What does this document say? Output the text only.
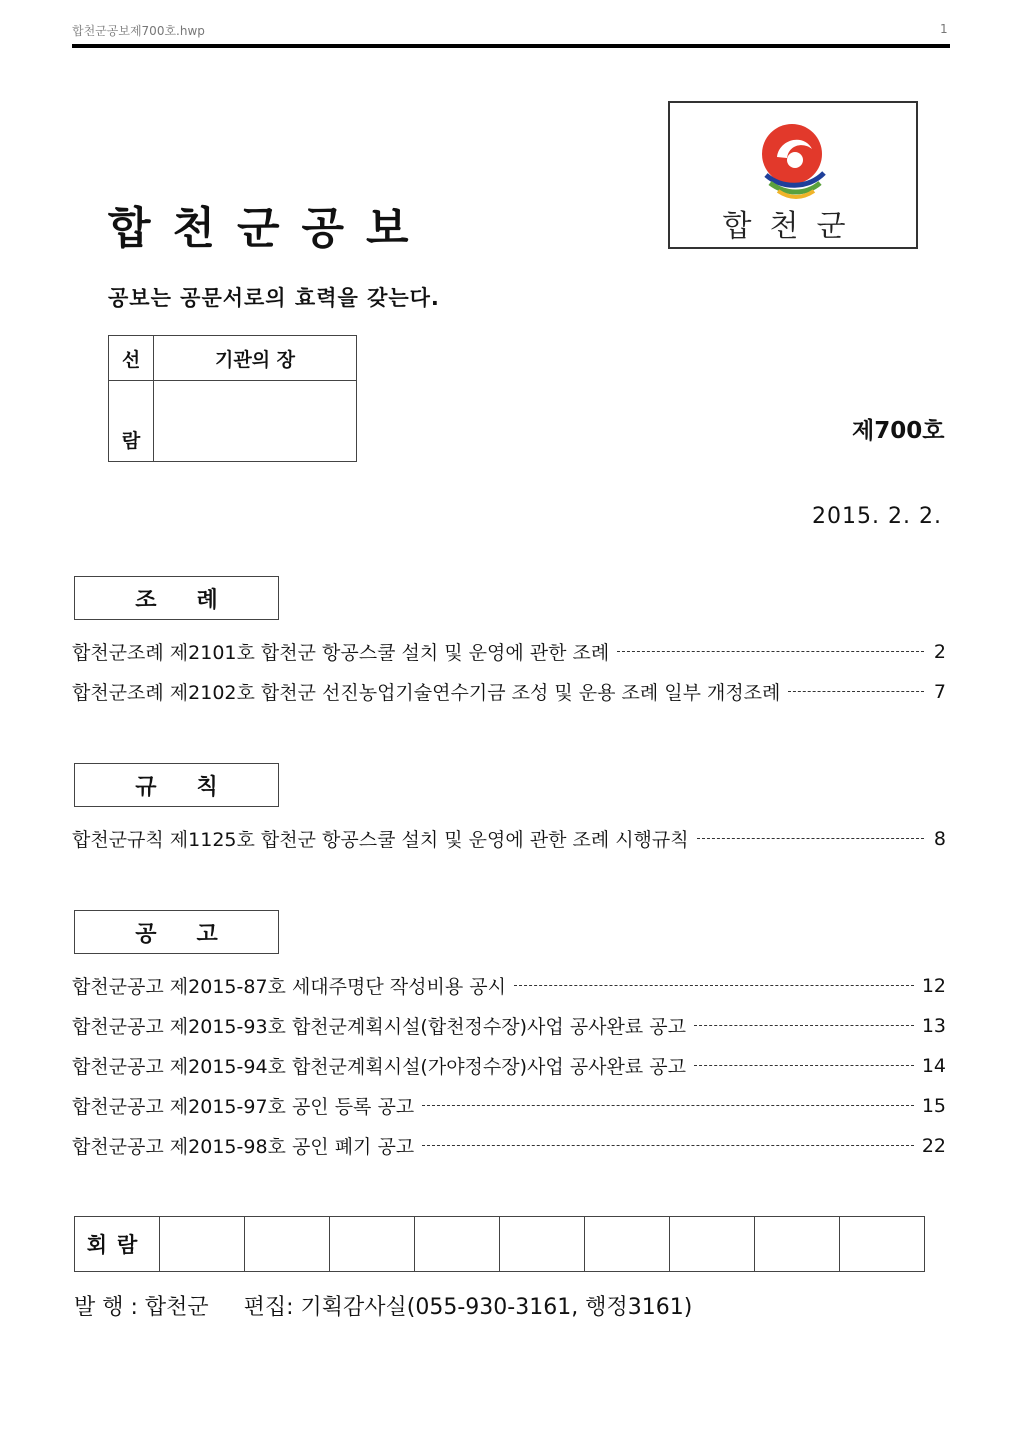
합천군공보제700호.hwp	1
합천군
합천군공보
공보는 공문서로의 효력을 갖는다.
선	기관의 장
람		제700호
2015. 2. 2.
조례
합천군조례 제2101호 합천군 항공스쿨 설치 및 운영에 관한 조례	2
합천군조례 제2102호 합천군 선진농업기술연수기금 조성 및 운용 조례 일부 개정조례	7
규칙
합천군규칙 제1125호 합천군 항공스쿨 설치 및 운영에 관한 조례 시행규칙	8
공고
합천군공고 제2015-87호 세대주명단 작성비용 공시	12
합천군공고 제2015-93호 합천군계획시설(합천정수장)사업 공사완료 공고	13
합천군공고 제2015-94호 합천군계획시설(가야정수장)사업 공사완료 공고	14
합천군공고 제2015-97호 공인 등록 공고	15
합천군공고 제2015-98호 공인 폐기 공고	22
회람									
발 행 : 합천군     편집: 기획감사실(055-930-3161, 행정3161)
